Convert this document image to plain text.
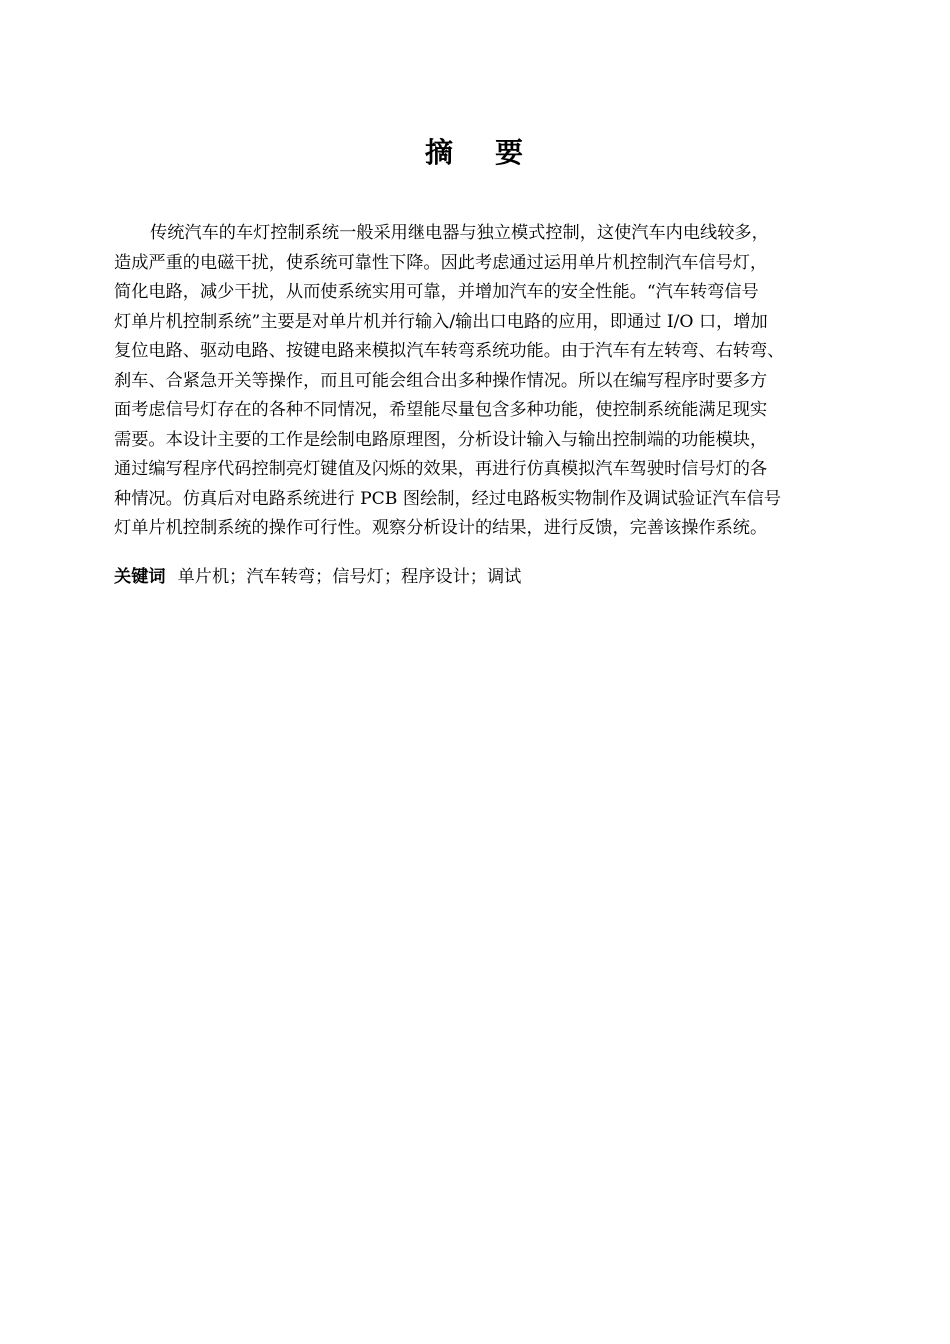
摘 要
传统汽车的车灯控制系统一般采用继电器与独立模式控制，这使汽车内电线较多，
造成严重的电磁干扰，使系统可靠性下降。因此考虑通过运用单片机控制汽车信号灯，
简化电路，减少干扰，从而使系统实用可靠，并增加汽车的安全性能。“汽车转弯信号
灯单片机控制系统”主要是对单片机并行输入/输出口电路的应用，即通过 I/O 口，增加
复位电路、驱动电路、按键电路来模拟汽车转弯系统功能。由于汽车有左转弯、右转弯、
刹车、合紧急开关等操作，而且可能会组合出多种操作情况。所以在编写程序时要多方
面考虑信号灯存在的各种不同情况，希望能尽量包含多种功能，使控制系统能满足现实
需要。本设计主要的工作是绘制电路原理图，分析设计输入与输出控制端的功能模块，
通过编写程序代码控制亮灯键值及闪烁的效果，再进行仿真模拟汽车驾驶时信号灯的各
种情况。仿真后对电路系统进行 PCB 图绘制，经过电路板实物制作及调试验证汽车信号
灯单片机控制系统的操作可行性。观察分析设计的结果，进行反馈，完善该操作系统。
关键词 单片机；汽车转弯；信号灯；程序设计；调试
